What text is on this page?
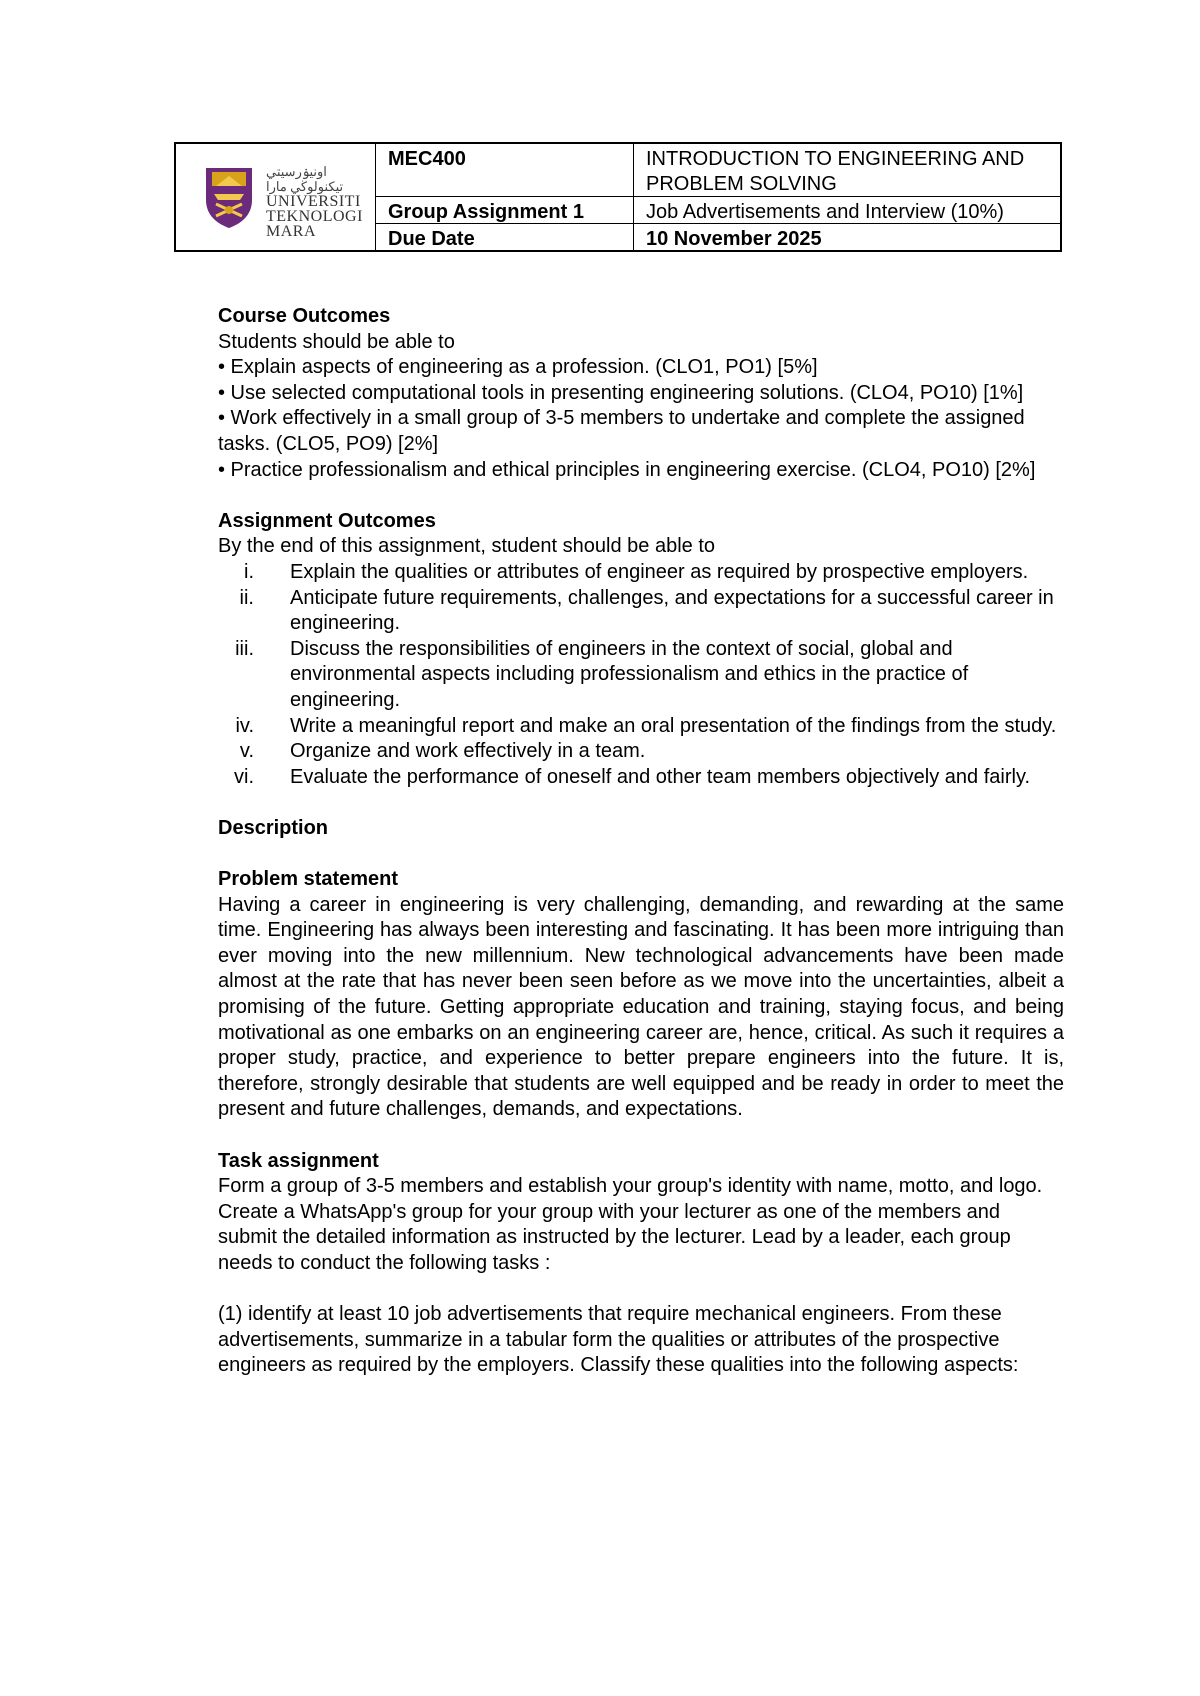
اونيۏرسيتي تيكنولوڬي مارا
UNIVERSITI
TEKNOLOGI
MARA
MEC400	INTRODUCTION TO ENGINEERING AND PROBLEM SOLVING
Group Assignment 1	Job Advertisements and Interview (10%)
Due Date	10 November 2025

Course Outcomes

Students should be able to

• Explain aspects of engineering as a profession. (CLO1, PO1) [5%]

• Use selected computational tools in presenting engineering solutions. (CLO4, PO10) [1%]

• Work effectively in a small group of 3-5 members to undertake and complete the assigned tasks. (CLO5, PO9) [2%]

• Practice professionalism and ethical principles in engineering exercise. (CLO4, PO10) [2%]

Assignment Outcomes

By the end of this assignment, student should be able to

i. Explain the qualities or attributes of engineer as required by prospective employers.
ii. Anticipate future requirements, challenges, and expectations for a successful career in engineering.
iii. Discuss the responsibilities of engineers in the context of social, global and environmental aspects including professionalism and ethics in the practice of engineering.
iv. Write a meaningful report and make an oral presentation of the findings from the study.
v. Organize and work effectively in a team.
vi. Evaluate the performance of oneself and other team members objectively and fairly.

Description

Problem statement

Having a career in engineering is very challenging, demanding, and rewarding at the same time. Engineering has always been interesting and fascinating. It has been more intriguing than ever moving into the new millennium. New technological advancements have been made almost at the rate that has never been seen before as we move into the uncertainties, albeit a promising of the future. Getting appropriate education and training, staying focus, and being motivational as one embarks on an engineering career are, hence, critical. As such it requires a proper study, practice, and experience to better prepare engineers into the future. It is, therefore, strongly desirable that students are well equipped and be ready in order to meet the present and future challenges, demands, and expectations.

Task assignment

Form a group of 3-5 members and establish your group's identity with name, motto, and logo. Create a WhatsApp's group for your group with your lecturer as one of the members and submit the detailed information as instructed by the lecturer. Lead by a leader, each group needs to conduct the following tasks :

(1) identify at least 10 job advertisements that require mechanical engineers. From these advertisements, summarize in a tabular form the qualities or attributes of the prospective engineers as required by the employers. Classify these qualities into the following aspects:
